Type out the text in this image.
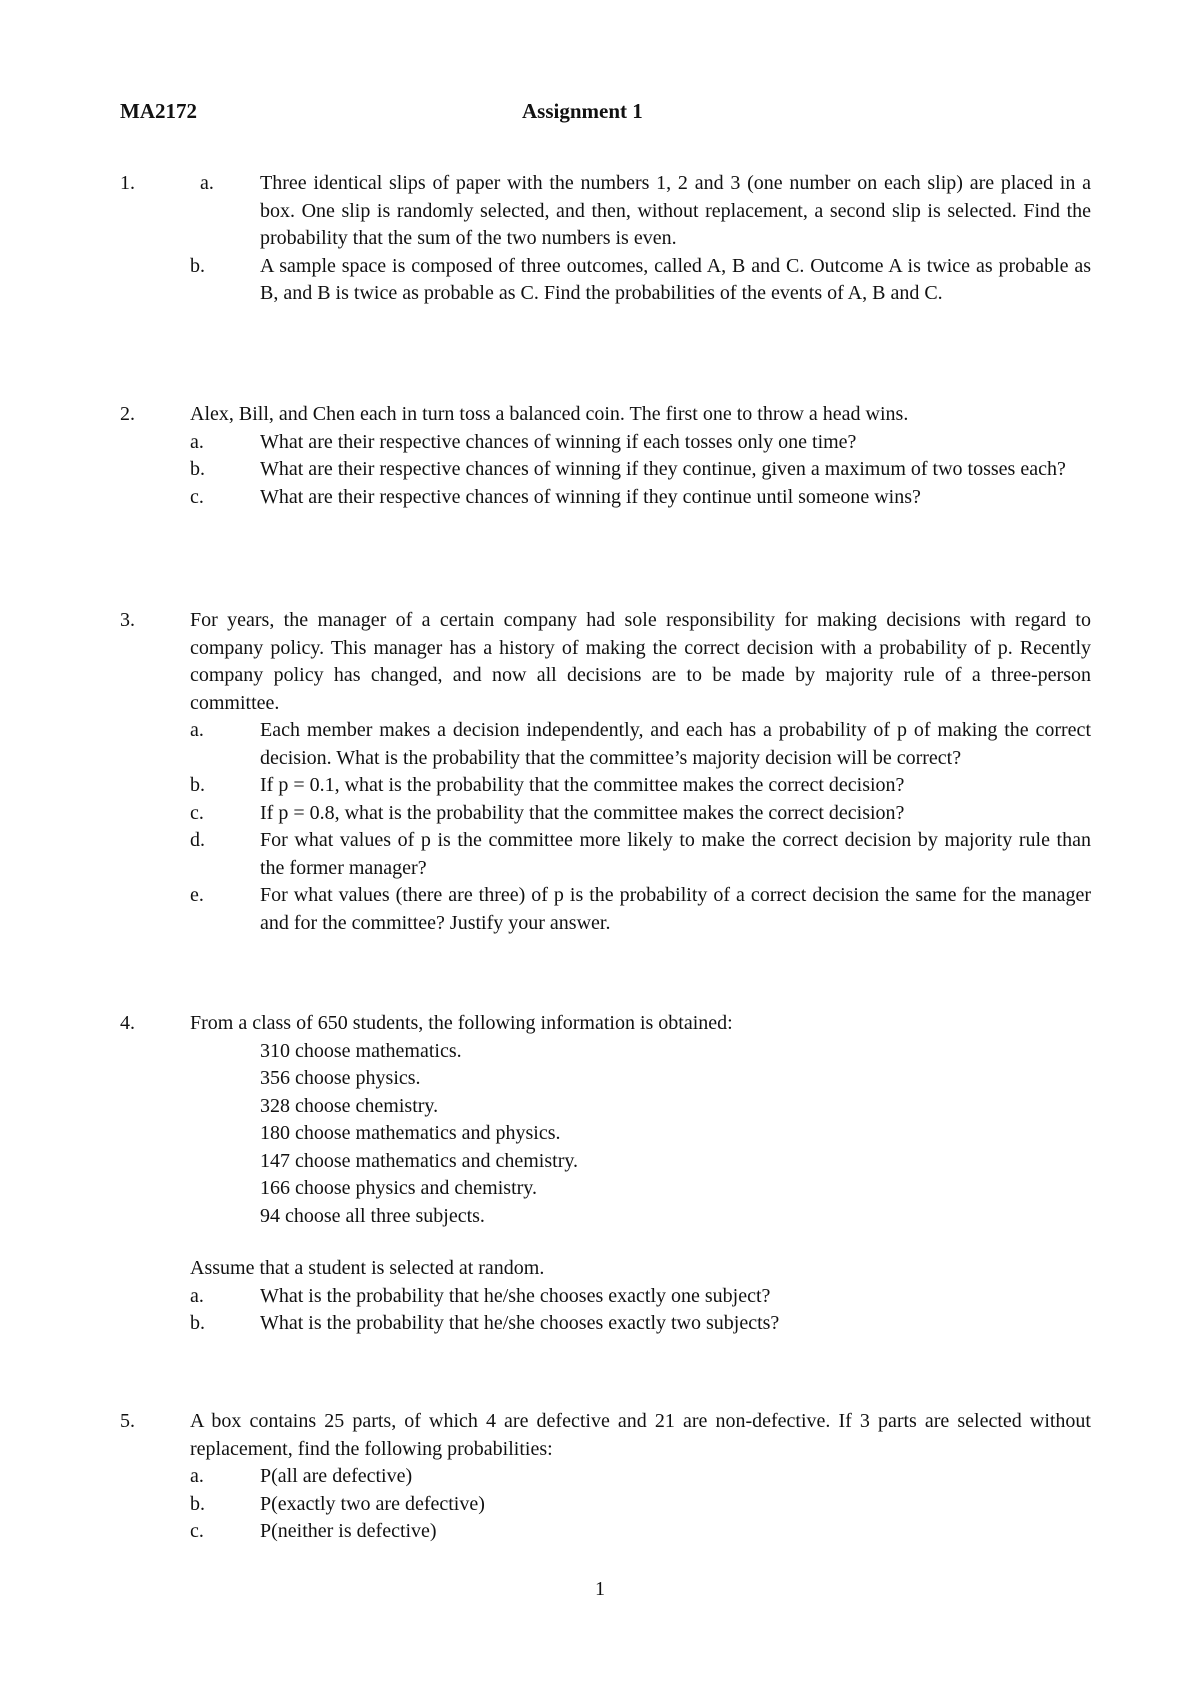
MA2172	Assignment 1
1.	a. Three identical slips of paper with the numbers 1, 2 and 3 (one number on each slip) are placed in a box. One slip is randomly selected, and then, without replacement, a second slip is selected. Find the probability that the sum of the two numbers is even.
b.	A sample space is composed of three outcomes, called A, B and C. Outcome A is twice as probable as B, and B is twice as probable as C. Find the probabilities of the events of A, B and C.
2.	Alex, Bill, and Chen each in turn toss a balanced coin. The first one to throw a head wins.
a.	What are their respective chances of winning if each tosses only one time?
b.	What are their respective chances of winning if they continue, given a maximum of two tosses each?
c.	What are their respective chances of winning if they continue until someone wins?
3.	For years, the manager of a certain company had sole responsibility for making decisions with regard to company policy. This manager has a history of making the correct decision with a probability of p. Recently company policy has changed, and now all decisions are to be made by majority rule of a three-person committee.
a.	Each member makes a decision independently, and each has a probability of p of making the correct decision. What is the probability that the committee’s majority decision will be correct?
b.	If p = 0.1, what is the probability that the committee makes the correct decision?
c.	If p = 0.8, what is the probability that the committee makes the correct decision?
d.	For what values of p is the committee more likely to make the correct decision by majority rule than the former manager?
e.	For what values (there are three) of p is the probability of a correct decision the same for the manager and for the committee? Justify your answer.
4.	From a class of 650 students, the following information is obtained:
310 choose mathematics.
356 choose physics.
328 choose chemistry.
180 choose mathematics and physics.
147 choose mathematics and chemistry.
166 choose physics and chemistry.
94 choose all three subjects.
Assume that a student is selected at random.
a.	What is the probability that he/she chooses exactly one subject?
b.	What is the probability that he/she chooses exactly two subjects?
5.	A box contains 25 parts, of which 4 are defective and 21 are non-defective. If 3 parts are selected without replacement, find the following probabilities:
a.	P(all are defective)
b.	P(exactly two are defective)
c.	P(neither is defective)
1
